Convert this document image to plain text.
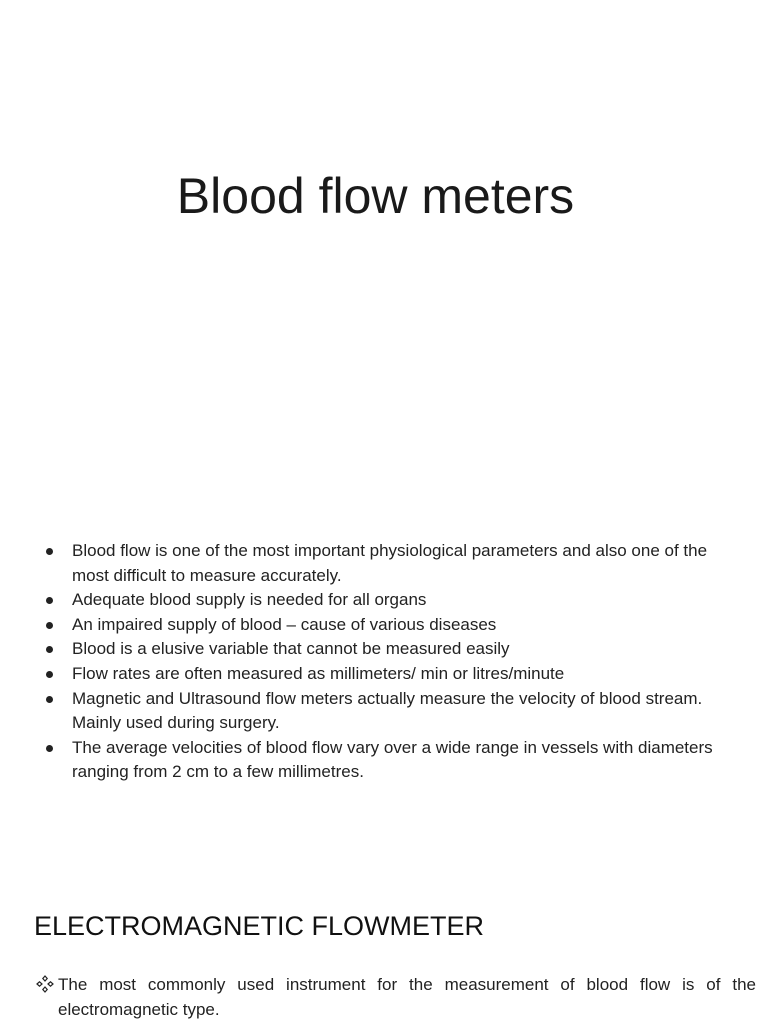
Blood flow meters
Blood flow is one of the most important physiological parameters and also one of the most difficult to measure accurately.
Adequate blood supply is needed for all organs
An impaired supply of blood – cause of various diseases
Blood is a elusive variable that cannot be measured easily
Flow rates are often measured as millimeters/ min or litres/minute
Magnetic and Ultrasound flow meters actually measure the velocity of blood stream. Mainly used during surgery.
The average velocities of blood flow vary over a wide range in vessels with diameters ranging from 2 cm to a few millimetres.
ELECTROMAGNETIC FLOWMETER

The most commonly used instrument for the measurement of blood flow is of the electromagnetic type.
